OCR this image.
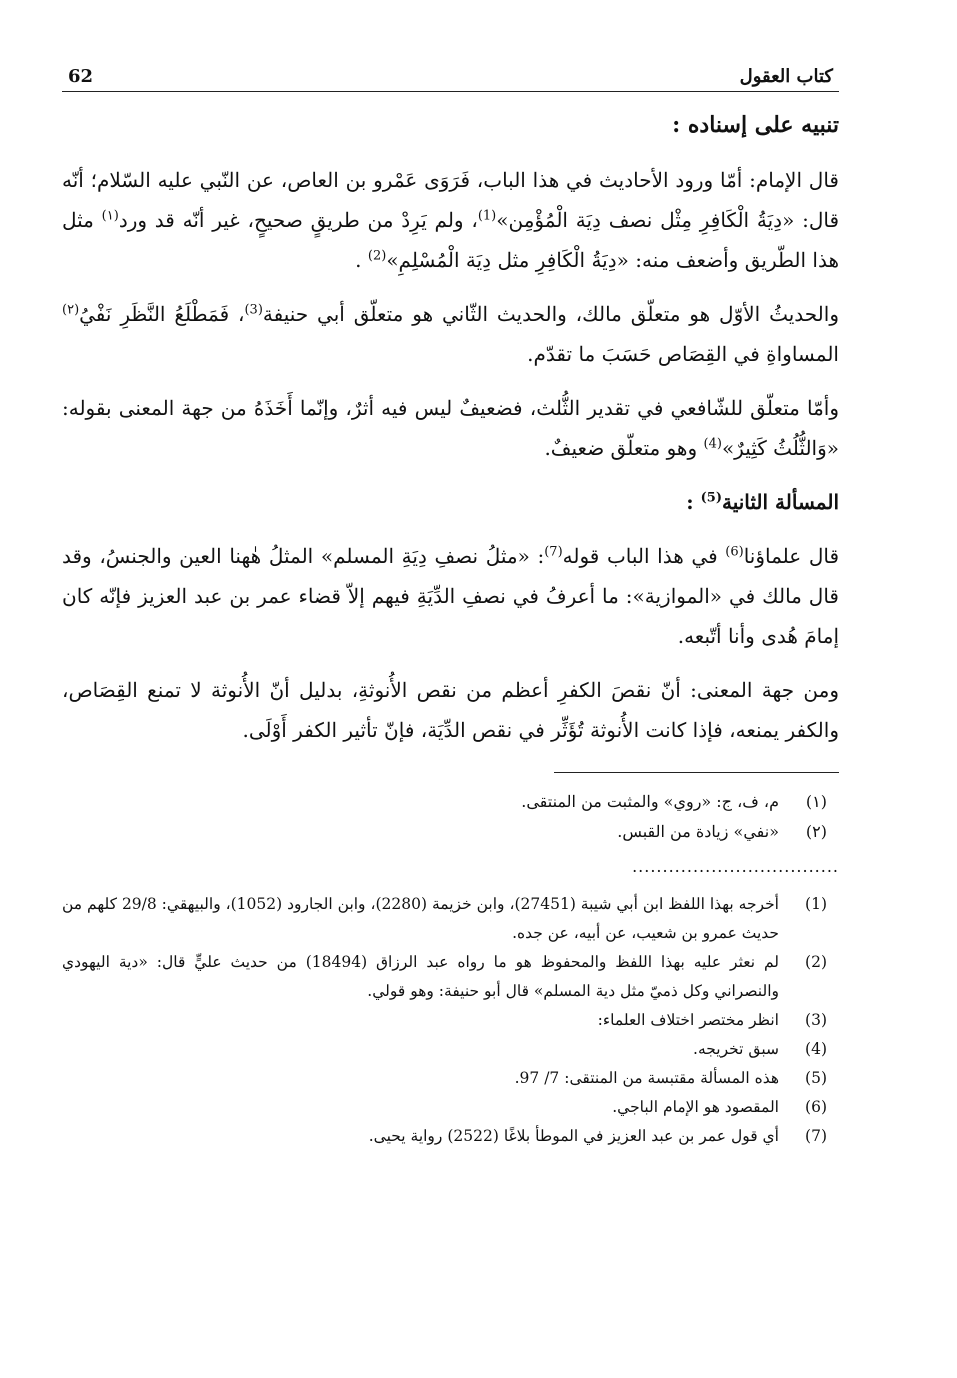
62	كتاب العقول
تنبيه على إسناده :

قال الإمام: أمّا ورود الأحاديث في هذا الباب، فَرَوَى عَمْرو بن العاص، عن النّبي عليه السّلام؛ أنّه قال: «دِيَةُ الْكَافِرِ مِثْل نصف دِيَة الْمُؤْمِن»$^{(1)}$، ولم يَرِدْ من طريقٍ صحيحٍ، غير أنّه قد ورد$^{(١)}$ مثل هذا الطّريق وأضعف منه: «دِيَةُ الْكَافِرِ مثل دِيَة الْمُسْلِمِ»$^{(2)}$ .

والحديثُ الأوّل هو متعلّق مالك، والحديث الثّاني هو متعلّق أبي حنيفة$^{(3)}$، فَمَطْلَعُ النَّظَرِ نَفْيُ$^{(٢)}$ المساواةِ في القِصَاص حَسَبَ ما تقدّم.

وأمّا متعلّق للشّافعي في تقدير الثُّلث، فضعيفٌ ليس فيه أثرٌ، وإنّما أَخَذَهُ من جهة المعنى بقوله: «وَالثُّلُثُ كَثِيرٌ»$^{(4)}$ وهو متعلّق ضعيفٌ.

المسألة الثانية$^{(5)}$ :

قال علماؤنا$^{(6)}$ في هذا الباب قوله$^{(7)}$: «مثلُ نصفِ دِيَةِ المسلم» المثلُ هٰهنا العين والجنسُ، وقد قال مالك في «الموازية»: ما أعرفُ في نصفِ الدِّيَةِ فيهم إلاّ قضاء عمر بن عبد العزيز فإنّه كان إمامَ هُدى وأنا أتّبعه.

ومن جهة المعنى: أنّ نقصَ الكفرِ أعظم من نقص الأُنوثةِ، بدليل أنّ الأُنوثة لا تمنع القِصَاص، والكفر يمنعه، فإذا كانت الأُنوثة تُؤَثِّر في نقص الدِّيَة، فإنّ تأثير الكفر أَوْلَى.

(١)
م، ف، ج: «روي» والمثبت من المنتقى.
(٢)
«نفي» زيادة من القبس.
..................................
(1)
أخرجه بهذا اللفظ ابن أبي شيبة (27451)، وابن خزيمة (2280)، وابن الجارود (1052)، والبيهقي: 29/8 كلهم من حديث عمرو بن شعيب، عن أبيه، عن جده.
(2)
لم نعثر عليه بهذا اللفظ والمحفوظ هو ما رواه عبد الرزاق (18494) من حديث عليٍّ قال: «دية اليهودي والنصراني وكل ذميّ مثل دية المسلم» قال أبو حنيفة: وهو قولي.
(3)
انظر مختصر اختلاف العلماء:
(4)
سبق تخريجه.
(5)
هذه المسألة مقتبسة من المنتقى: 7/ 97.
(6)
المقصود هو الإمام الباجي.
(7)
أي قول عمر بن عبد العزيز في الموطأ بلاغًا (2522) رواية يحيى.
